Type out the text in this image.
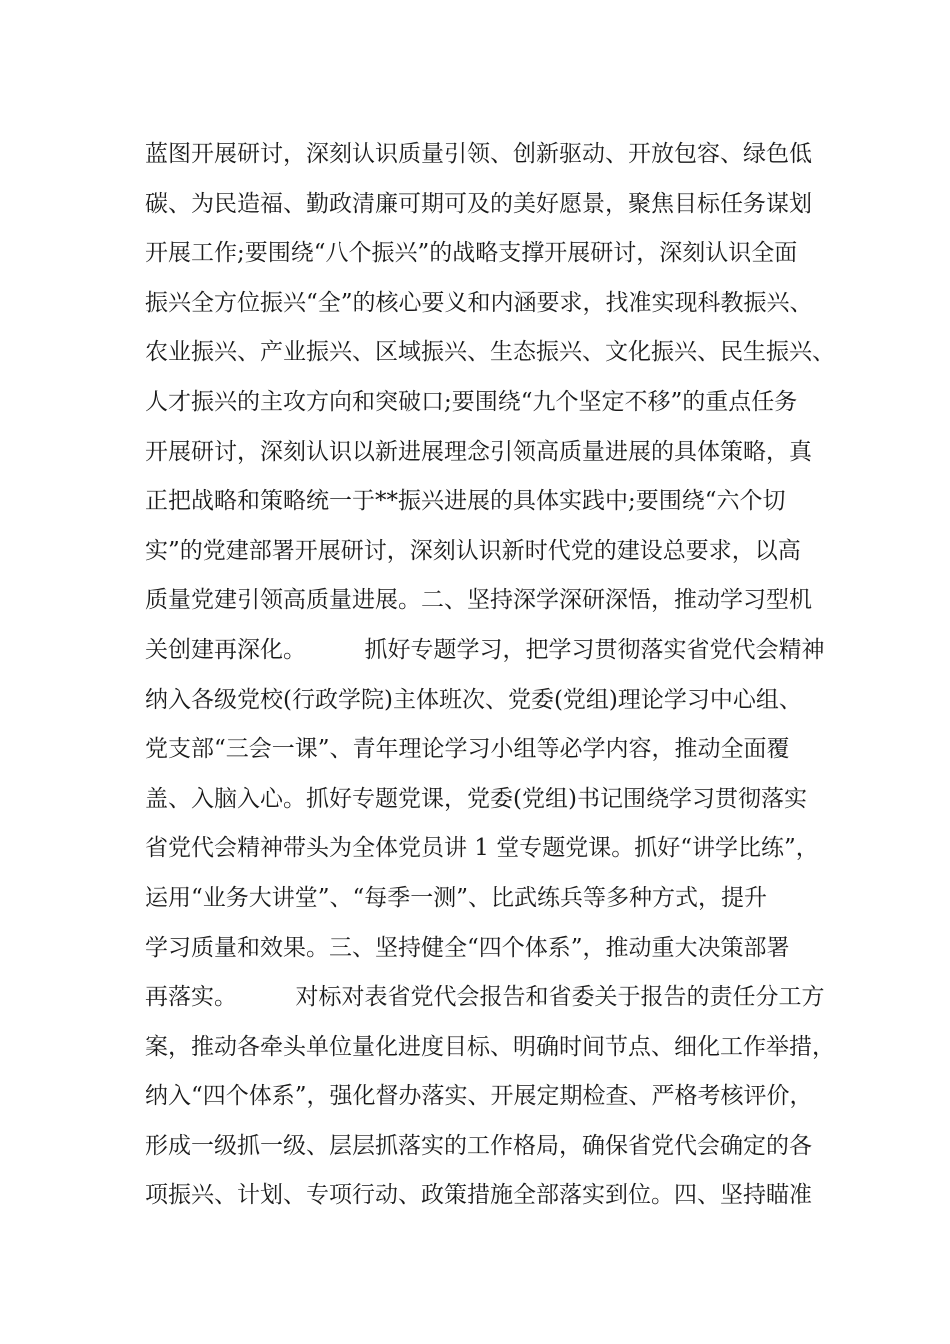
蓝图开展研讨，深刻认识质量引领、创新驱动、开放包容、绿色低
碳、为民造福、勤政清廉可期可及的美好愿景，聚焦目标任务谋划
开展工作;要围绕“八个振兴”的战略支撑开展研讨，深刻认识全面
振兴全方位振兴“全”的核心要义和内涵要求，找准实现科教振兴、
农业振兴、产业振兴、区域振兴、生态振兴、文化振兴、民生振兴、
人才振兴的主攻方向和突破口;要围绕“九个坚定不移”的重点任务
开展研讨，深刻认识以新进展理念引领高质量进展的具体策略，真
正把战略和策略统一于**振兴进展的具体实践中;要围绕“六个切
实”的党建部署开展研讨，深刻认识新时代党的建设总要求，以高
质量党建引领高质量进展。二、坚持深学深研深悟，推动学习型机
关创建再深化。        抓好专题学习，把学习贯彻落实省党代会精神
纳入各级党校(行政学院)主体班次、党委(党组)理论学习中心组、
党支部“三会一课”、青年理论学习小组等必学内容，推动全面覆
盖、入脑入心。抓好专题党课，党委(党组)书记围绕学习贯彻落实
省党代会精神带头为全体党员讲 1 堂专题党课。抓好“讲学比练”，
运用“业务大讲堂”、“每季一测”、比武练兵等多种方式，提升
学习质量和效果。三、坚持健全“四个体系”，推动重大决策部署
再落实。        对标对表省党代会报告和省委关于报告的责任分工方
案，推动各牵头单位量化进度目标、明确时间节点、细化工作举措，
纳入“四个体系”，强化督办落实、开展定期检查、严格考核评价，
形成一级抓一级、层层抓落实的工作格局，确保省党代会确定的各
项振兴、计划、专项行动、政策措施全部落实到位。四、坚持瞄准
